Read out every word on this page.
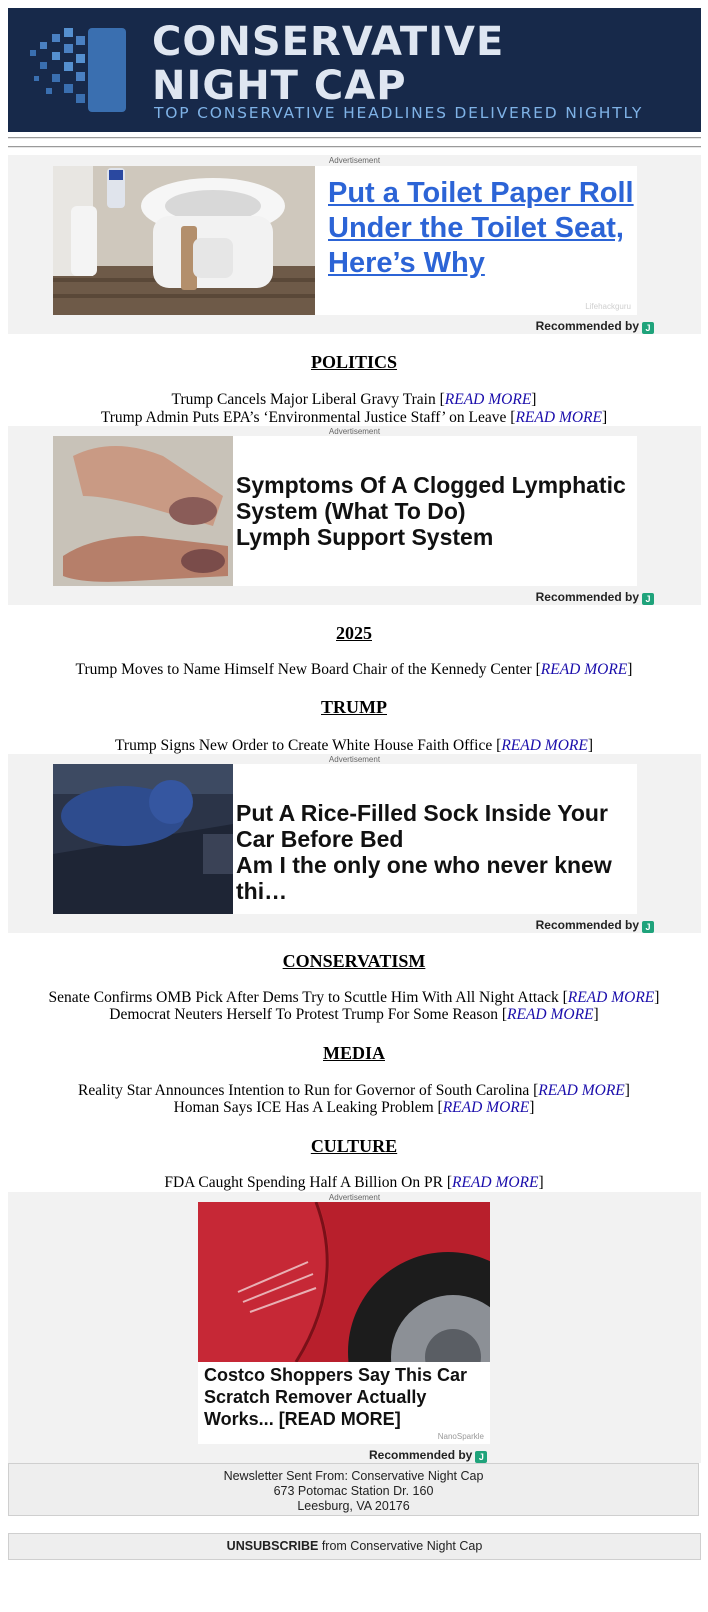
CONSERVATIVE
NIGHT CAP
TOP CONSERVATIVE HEADLINES DELIVERED NIGHTLY
Advertisement
Put a Toilet Paper Roll Under the Toilet Seat, Here’s Why
Lifehackguru
Recommended by J
POLITICS
Trump Cancels Major Liberal Gravy Train [READ MORE]
Trump Admin Puts EPA’s ‘Environmental Justice Staff’ on Leave [READ MORE]
Advertisement
Symptoms Of A Clogged Lymphatic System (What To Do)
Lymph Support System
Recommended by J
2025
Trump Moves to Name Himself New Board Chair of the Kennedy Center [READ MORE]
TRUMP
Trump Signs New Order to Create White House Faith Office [READ MORE]
Advertisement
Put A Rice-Filled Sock Inside Your Car Before Bed
Am I the only one who never knew thi…
Recommended by J
CONSERVATISM
Senate Confirms OMB Pick After Dems Try to Scuttle Him With All Night Attack [READ MORE]
Democrat Neuters Herself To Protest Trump For Some Reason [READ MORE]
MEDIA
Reality Star Announces Intention to Run for Governor of South Carolina [READ MORE]
Homan Says ICE Has A Leaking Problem [READ MORE]
CULTURE
FDA Caught Spending Half A Billion On PR [READ MORE]
Advertisement
Costco Shoppers Say This Car Scratch Remover Actually Works... [READ MORE]
NanoSparkle
Recommended by J
Newsletter Sent From: Conservative Night Cap
673 Potomac Station Dr. 160
Leesburg, VA 20176
UNSUBSCRIBE from Conservative Night Cap
